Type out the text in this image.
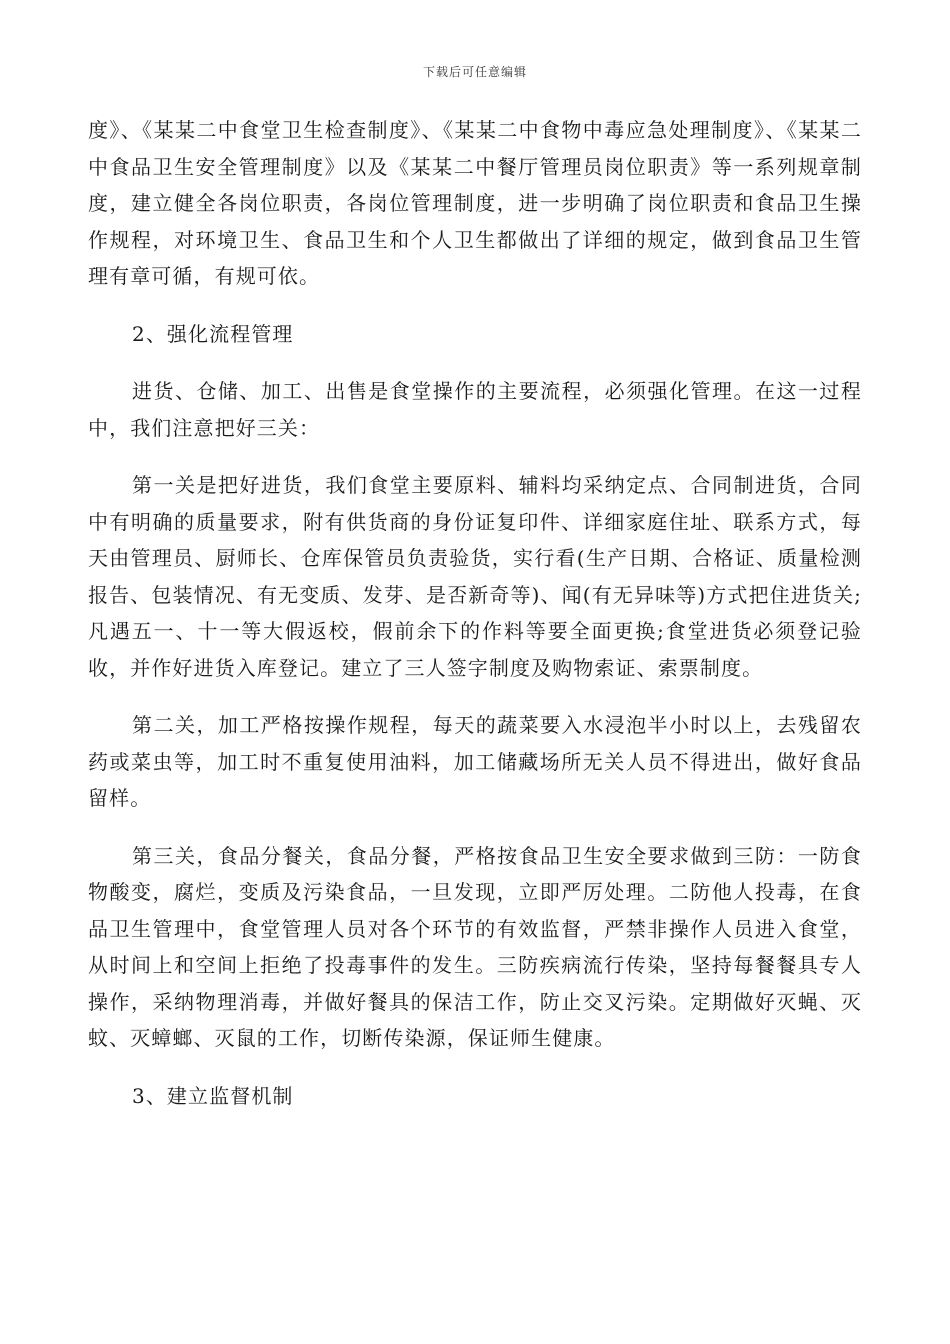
下载后可任意编辑

度》、《某某二中食堂卫生检查制度》、《某某二中食物中毒应急处理制度》、《某某二中食品卫生安全管理制度》以及《某某二中餐厅管理员岗位职责》等一系列规章制度，建立健全各岗位职责，各岗位管理制度，进一步明确了岗位职责和食品卫生操作规程，对环境卫生、食品卫生和个人卫生都做出了详细的规定，做到食品卫生管理有章可循，有规可依。

2、强化流程管理

进货、仓储、加工、出售是食堂操作的主要流程，必须强化管理。在这一过程中，我们注意把好三关：

第一关是把好进货，我们食堂主要原料、辅料均采纳定点、合同制进货，合同中有明确的质量要求，附有供货商的身份证复印件、详细家庭住址、联系方式，每天由管理员、厨师长、仓库保管员负责验货，实行看(生产日期、合格证、质量检测报告、包装情况、有无变质、发芽、是否新奇等)、闻(有无异味等)方式把住进货关;凡遇五一、十一等大假返校，假前余下的作料等要全面更换;食堂进货必须登记验收，并作好进货入库登记。建立了三人签字制度及购物索证、索票制度。

第二关，加工严格按操作规程，每天的蔬菜要入水浸泡半小时以上，去残留农药或菜虫等，加工时不重复使用油料，加工储藏场所无关人员不得进出，做好食品留样。

第三关，食品分餐关，食品分餐，严格按食品卫生安全要求做到三防：一防食物酸变，腐烂，变质及污染食品，一旦发现，立即严厉处理。二防他人投毒，在食品卫生管理中，食堂管理人员对各个环节的有效监督，严禁非操作人员进入食堂，从时间上和空间上拒绝了投毒事件的发生。三防疾病流行传染，坚持每餐餐具专人操作，采纳物理消毒，并做好餐具的保洁工作，防止交叉污染。定期做好灭蝇、灭蚊、灭蟑螂、灭鼠的工作，切断传染源，保证师生健康。

3、建立监督机制
